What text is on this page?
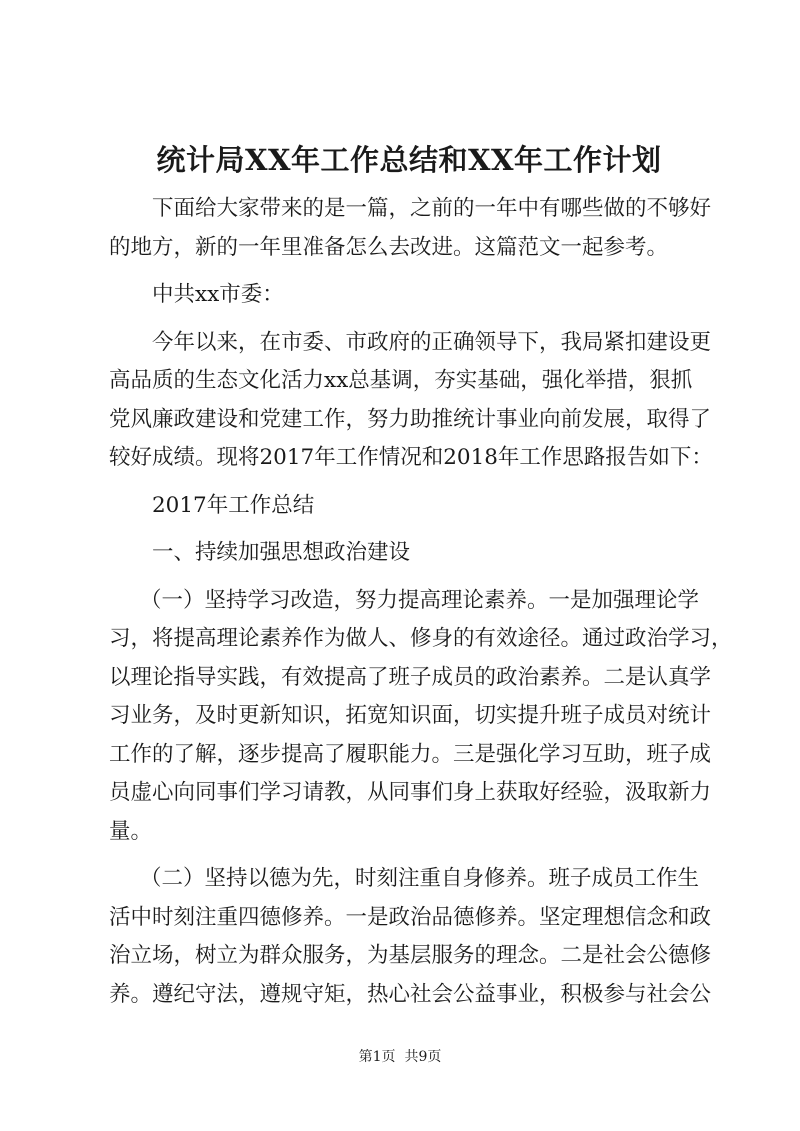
统计局XX年工作总结和XX年工作计划

下面给大家带来的是一篇，之前的一年中有哪些做的不够好

的地方，新的一年里准备怎么去改进。这篇范文一起参考。

中共xx市委：

今年以来，在市委、市政府的正确领导下，我局紧扣建设更

高品质的生态文化活力xx总基调，夯实基础，强化举措，狠抓

党风廉政建设和党建工作，努力助推统计事业向前发展，取得了

较好成绩。现将2017年工作情况和2018年工作思路报告如下：

2017年工作总结

一、持续加强思想政治建设

（一）坚持学习改造，努力提高理论素养。一是加强理论学

习，将提高理论素养作为做人、修身的有效途径。通过政治学习，

以理论指导实践，有效提高了班子成员的政治素养。二是认真学

习业务，及时更新知识，拓宽知识面，切实提升班子成员对统计

工作的了解，逐步提高了履职能力。三是强化学习互助，班子成

员虚心向同事们学习请教，从同事们身上获取好经验，汲取新力

量。

（二）坚持以德为先，时刻注重自身修养。班子成员工作生

活中时刻注重四德修养。一是政治品德修养。坚定理想信念和政

治立场，树立为群众服务，为基层服务的理念。二是社会公德修

养。遵纪守法，遵规守矩，热心社会公益事业，积极参与社会公

第1页  共9页
